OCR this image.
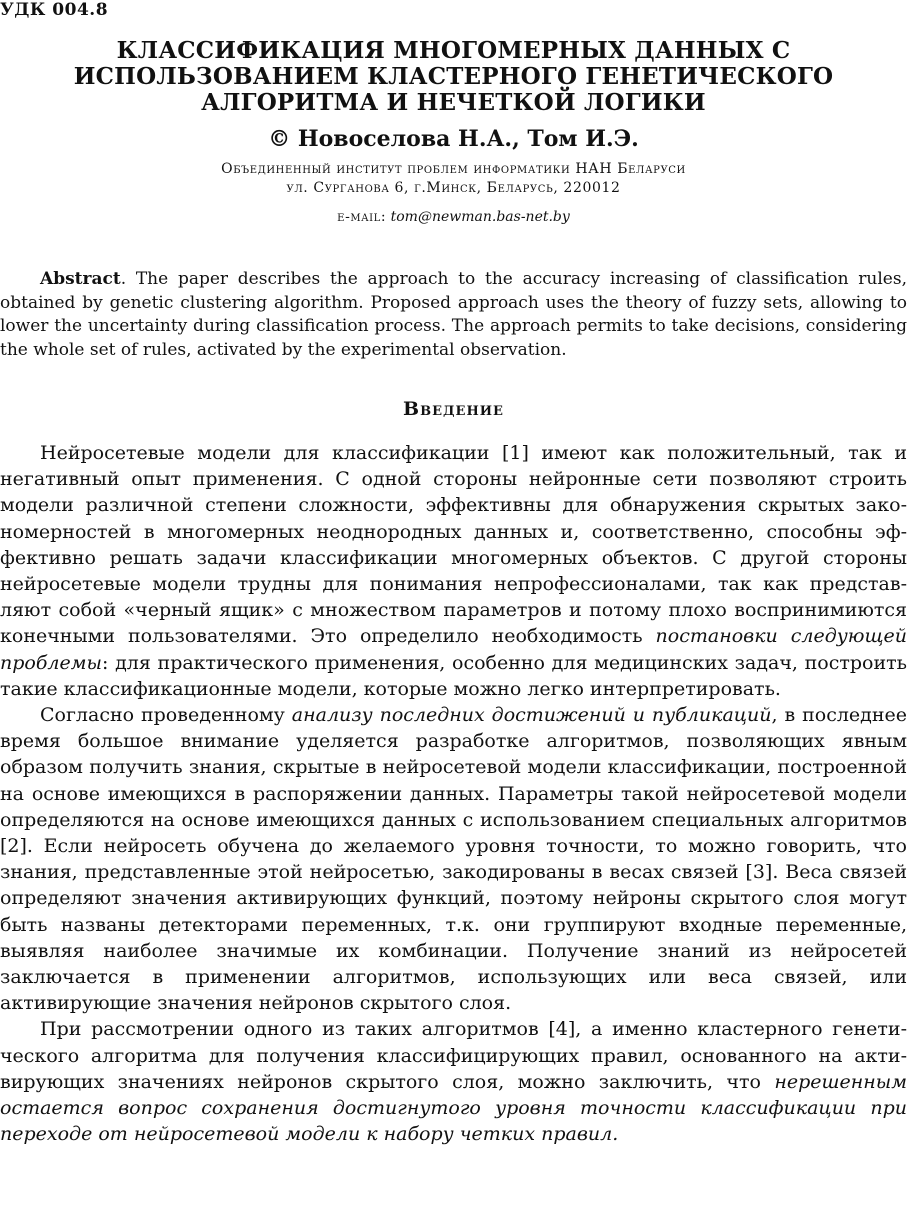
УДК 004.8
КЛАССИФИКАЦИЯ МНОГОМЕРНЫХ ДАННЫХ С
ИСПОЛЬЗОВАНИЕМ КЛАСТЕРНОГО ГЕНЕТИЧЕСКОГО
АЛГОРИТМА И НЕЧЕТКОЙ ЛОГИКИ
© Новоселова Н.А., Том И.Э.
Объединенный институт проблем информатики НАН Беларуси
ул. Сурганова 6, г.Минск, Беларусь, 220012
e-mail: tom@newman.bas-net.by
Abstract. The paper describes the approach to the accuracy increasing of classification rules, obtained by genetic clustering algorithm. Proposed approach uses the theory of fuzzy sets, allowing to lower the uncertainty during classification process. The approach permits to take decisions, considering the whole set of rules, activated by the experimental observation.
Введение

Нейросетевые модели для классификации [1] имеют как положительный, так и негативный опыт применения. С одной стороны нейронные сети позволяют строить модели различной степени сложности, эффективны для обнаружения скрытых закономерностей в многомерных неоднородных данных и, соответственно, способны эффективно решать задачи классификации многомерных объектов. С другой стороны нейросетевые модели трудны для понимания непрофессионалами, так как представляют собой «черный ящик» с множеством параметров и потому плохо воспринимиются конечными пользователями. Это определило необходимость постановки следующей проблемы: для практического применения, особенно для медицинских задач, построить такие классификационные модели, которые можно легко интерпретировать.

Согласно проведенному анализу последних достижений и публикаций, в последнее время большое внимание уделяется разработке алгоритмов, позволяющих явным образом получить знания, скрытые в нейросетевой модели классификации, построенной на основе имеющихся в распоряжении данных. Параметры такой нейросетевой модели определяются на основе имеющихся данных с использованием специальных алгоритмов [2]. Если нейросеть обучена до желаемого уровня точности, то можно говорить, что знания, представленные этой нейросетью, закодированы в весах связей [3]. Веса связей определяют значения активирующих функций, поэтому нейроны скрытого слоя могут быть названы детекторами переменных, т.к. они группируют входные переменные, выявляя наиболее значимые их комбинации. Получение знаний из нейросетей заключается в применении алгоритмов, использующих или веса связей, или активирующие значения нейронов скрытого слоя.

При рассмотрении одного из таких алгоритмов [4], а именно кластерного генетического алгоритма для получения классифицирующих правил, основанного на активирующих значениях нейронов скрытого слоя, можно заключить, что нерешенным остается вопрос сохранения достигнутого уровня точности классификации при переходе от нейросетевой модели к набору четких правил.
